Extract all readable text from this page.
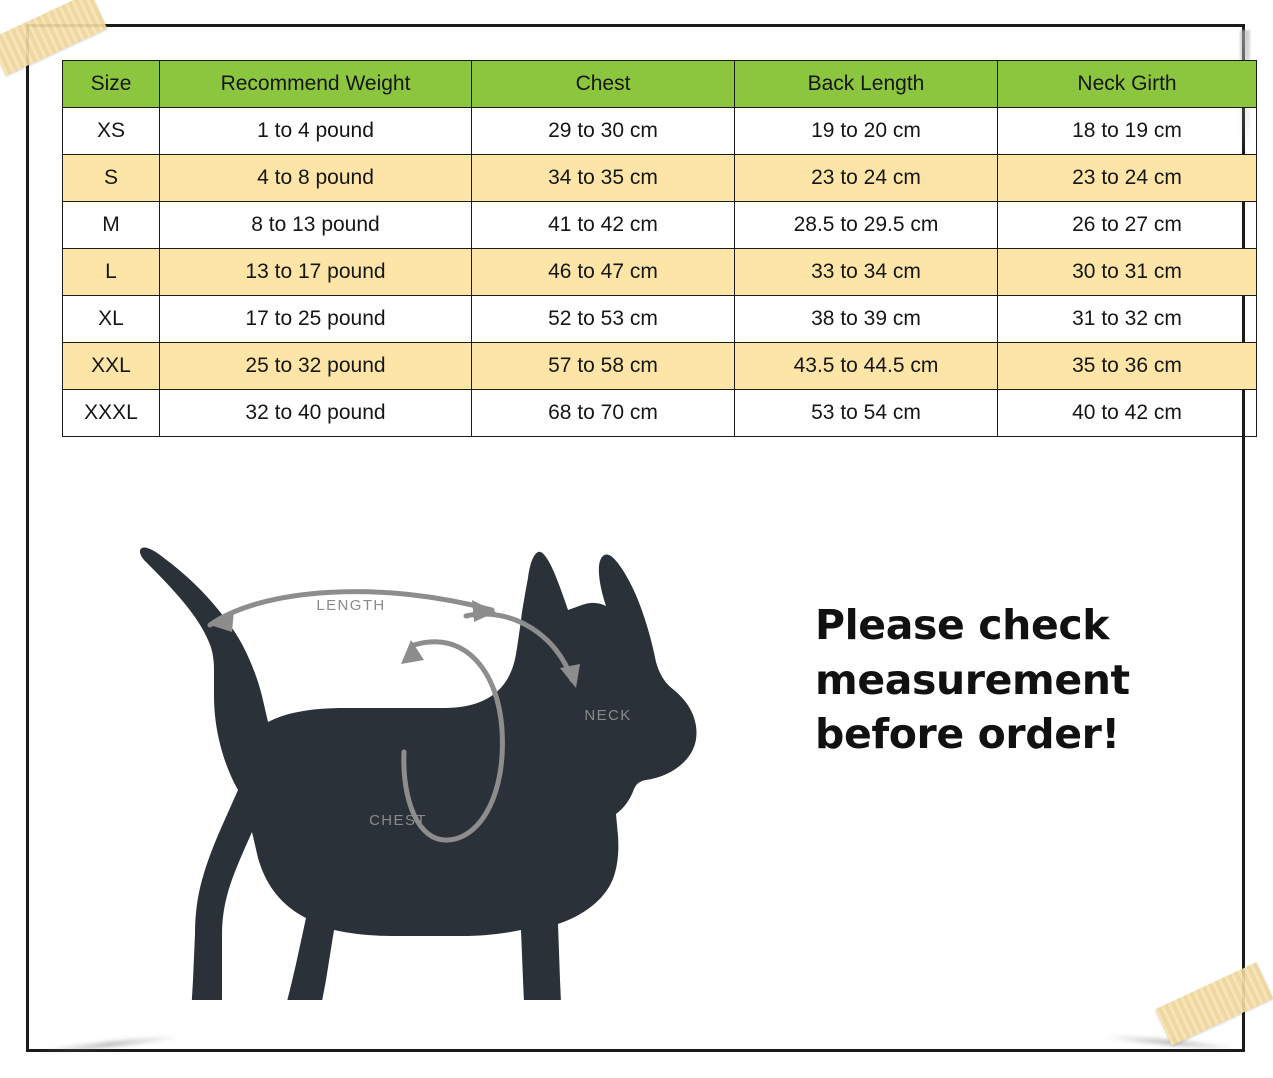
Size	Recommend Weight	Chest	Back Length	Neck Girth
XS	1 to 4 pound	29 to 30 cm	19 to 20 cm	18 to 19 cm
S	4 to 8 pound	34 to 35 cm	23 to 24 cm	23 to 24 cm
M	8 to 13 pound	41 to 42 cm	28.5 to 29.5 cm	26 to 27 cm
L	13 to 17 pound	46 to 47 cm	33 to 34 cm	30 to 31 cm
XL	17 to 25 pound	52 to 53 cm	38 to 39 cm	31 to 32 cm
XXL	25 to 32 pound	57 to 58 cm	43.5 to 44.5 cm	35 to 36 cm
XXXL	32 to 40 pound	68 to 70 cm	53 to 54 cm	40 to 42 cm
LENGTH
CHEST
NECK
Please check
measurement
before order!
